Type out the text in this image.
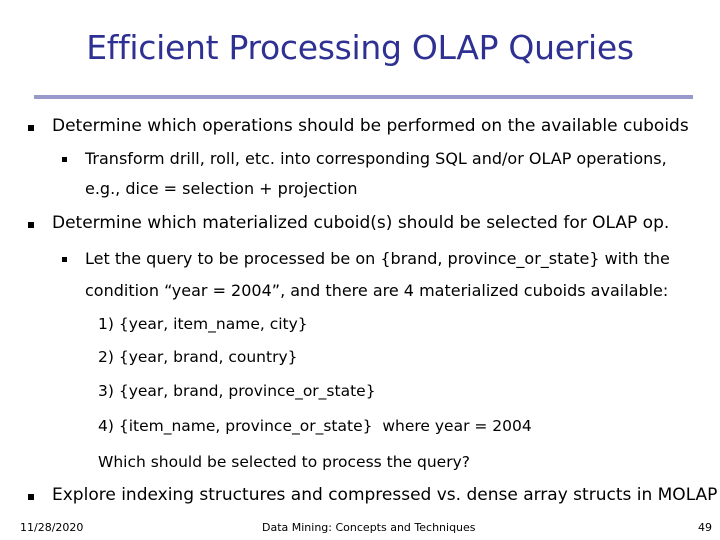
Efficient Processing OLAP Queries
Determine which operations should be performed on the available cuboids
Transform drill, roll, etc. into corresponding SQL and/or OLAP operations,
e.g., dice = selection + projection
Determine which materialized cuboid(s) should be selected for OLAP op.
Let the query to be processed be on {brand, province_or_state} with the
condition “year = 2004”, and there are 4 materialized cuboids available:
1) {year, item_name, city}
2) {year, brand, country}
3) {year, brand, province_or_state}
4) {item_name, province_or_state}  where year = 2004
Which should be selected to process the query?
Explore indexing structures and compressed vs. dense array structs in MOLAP
11/28/2020	Data Mining: Concepts and Techniques	49
